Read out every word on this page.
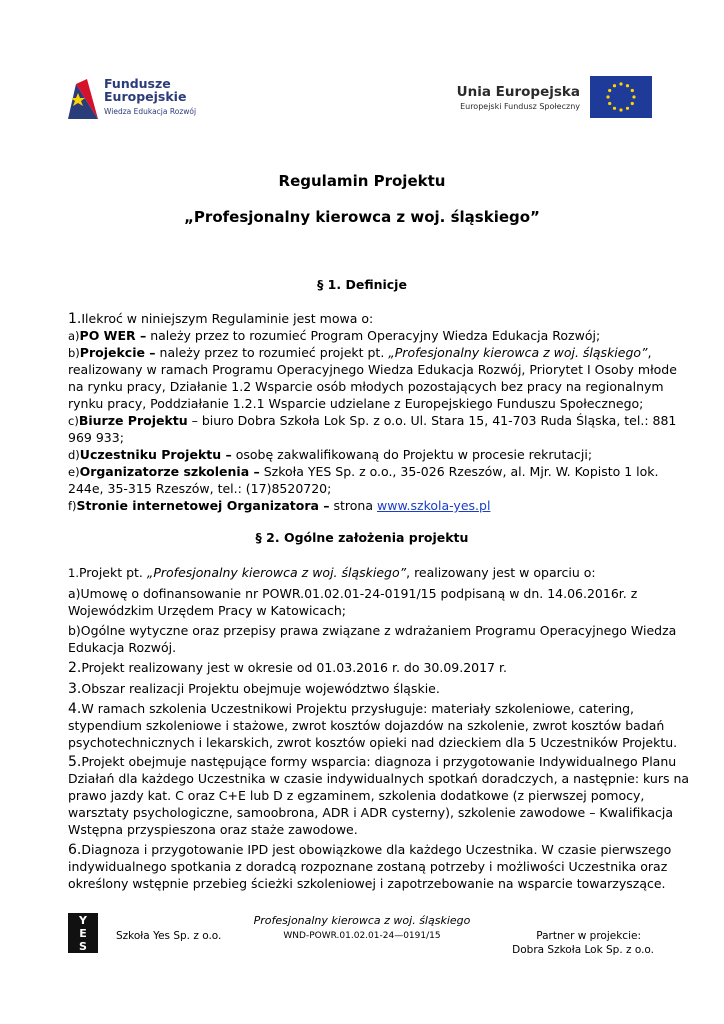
Fundusze
Europejskie
Wiedza Edukacja Rozwój
Unia Europejska
Europejski Fundusz Społeczny
Regulamin Projektu
„Profesjonalny kierowca z woj. śląskiego”
§ 1. Definicje
1.Ilekroć w niniejszym Regulaminie jest mowa o:
a)PO WER – należy przez to rozumieć Program Operacyjny Wiedza Edukacja Rozwój;
b)Projekcie – należy przez to rozumieć projekt pt. „Profesjonalny kierowca z woj. śląskiego”,
realizowany w ramach Programu Operacyjnego Wiedza Edukacja Rozwój, Priorytet I Osoby młode
na rynku pracy, Działanie 1.2 Wsparcie osób młodych pozostających bez pracy na regionalnym
rynku pracy, Poddziałanie 1.2.1 Wsparcie udzielane z Europejskiego Funduszu Społecznego;
c)Biurze Projektu – biuro Dobra Szkoła Lok Sp. z o.o. Ul. Stara 15, 41-703 Ruda Śląska, tel.: 881
969 933;
d)Uczestniku Projektu – osobę zakwalifikowaną do Projektu w procesie rekrutacji;
e)Organizatorze szkolenia – Szkoła YES Sp. z o.o., 35-026 Rzeszów, al. Mjr. W. Kopisto 1 lok.
244e, 35-315 Rzeszów, tel.: (17)8520720;
f)Stronie internetowej Organizatora – strona www.szkola-yes.pl
§ 2. Ogólne założenia projektu
1.Projekt pt. „Profesjonalny kierowca z woj. śląskiego”, realizowany jest w oparciu o:
a)Umowę o dofinansowanie nr POWR.01.02.01-24-0191/15 podpisaną w dn. 14.06.2016r. z
Wojewódzkim Urzędem Pracy w Katowicach;
b)Ogólne wytyczne oraz przepisy prawa związane z wdrażaniem Programu Operacyjnego Wiedza
Edukacja Rozwój.
2.Projekt realizowany jest w okresie od 01.03.2016 r. do 30.09.2017 r.
3.Obszar realizacji Projektu obejmuje województwo śląskie.
4.W ramach szkolenia Uczestnikowi Projektu przysługuje: materiały szkoleniowe, catering,
stypendium szkoleniowe i stażowe, zwrot kosztów dojazdów na szkolenie, zwrot kosztów badań
psychotechnicznych i lekarskich, zwrot kosztów opieki nad dzieckiem dla 5 Uczestników Projektu.
5.Projekt obejmuje następujące formy wsparcia: diagnoza i przygotowanie Indywidualnego Planu
Działań dla każdego Uczestnika w czasie indywidualnych spotkań doradczych, a następnie: kurs na
prawo jazdy kat. C oraz C+E lub D z egzaminem, szkolenia dodatkowe (z pierwszej pomocy,
warsztaty psychologiczne, samoobrona, ADR i ADR cysterny), szkolenie zawodowe – Kwalifikacja
Wstępna przyspieszona oraz staże zawodowe.
6.Diagnoza i przygotowanie IPD jest obowiązkowe dla każdego Uczestnika. W czasie pierwszego
indywidualnego spotkania z doradcą rozpoznane zostaną potrzeby i możliwości Uczestnika oraz
określony wstępnie przebieg ścieżki szkoleniowej i zapotrzebowanie na wsparcie towarzyszące.
Y
E
S
Szkoła Yes Sp. z o.o.
Profesjonalny kierowca z woj. śląskiego
WND-POWR.01.02.01-24—0191/15	Partner w projekcie:
Dobra Szkoła Lok Sp. z o.o.
